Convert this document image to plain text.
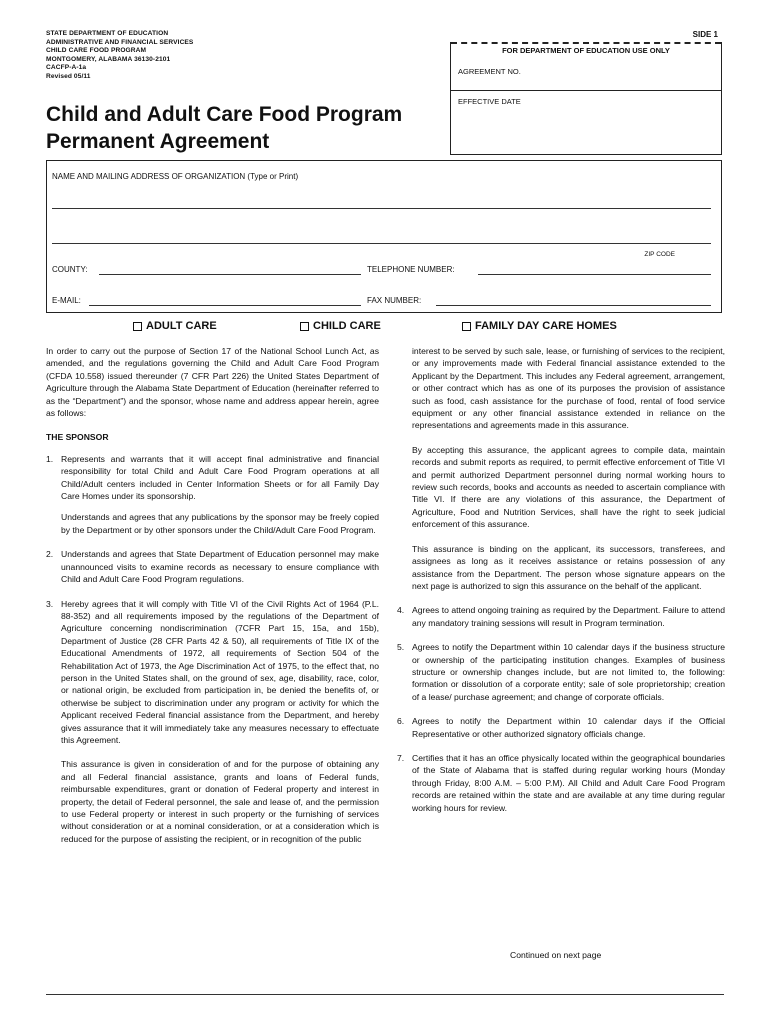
STATE DEPARTMENT OF EDUCATION
ADMINISTRATIVE AND FINANCIAL SERVICES
CHILD CARE FOOD PROGRAM
MONTGOMERY, ALABAMA 36130-2101
CACFP-A-1a
Revised 05/11
SIDE 1
Child and Adult Care Food Program
Permanent Agreement
FOR DEPARTMENT OF EDUCATION USE ONLY
AGREEMENT NO.
EFFECTIVE DATE
NAME AND MAILING ADDRESS OF ORGANIZATION (Type or Print)
ZIP CODE
COUNTY:	TELEPHONE NUMBER:
E-MAIL:	FAX NUMBER:
ADULT CARE	CHILD CARE	FAMILY DAY CARE HOMES

In order to carry out the purpose of Section 17 of the National School Lunch Act, as amended, and the regulations governing the Child and Adult Care Food Program (CFDA 10.558) issued thereunder (7 CFR Part 226) the United States Department of Agriculture through the Alabama State Department of Education (hereinafter referred to as the “Department”) and the sponsor, whose name and address appear herein, agree as follows:

THE SPONSOR

1. Represents and warrants that it will accept final administrative and financial responsibility for total Child and Adult Care Food Program operations at all Child/Adult centers included in Center Information Sheets or for all Family Day Care Homes under its sponsorship.

Understands and agrees that any publications by the sponsor may be freely copied by the Department or by other sponsors under the Child/Adult Care Food Program.

2. Understands and agrees that State Department of Education personnel may make unannounced visits to examine records as necessary to ensure compliance with Child and Adult Care Food Program regulations.
3. Hereby agrees that it will comply with Title VI of the Civil Rights Act of 1964 (P.L. 88-352) and all requirements imposed by the regulations of the Department of Agriculture concerning nondiscrimination (7CFR Part 15, 15a, and 15b), Department of Justice (28 CFR Parts 42 & 50), all requirements of Title IX of the Educational Amendments of 1972, all requirements of Section 504 of the Rehabilitation Act of 1973, the Age Discrimination Act of 1975, to the effect that, no person in the United States shall, on the ground of sex, age, disability, race, color, or national origin, be excluded from participation in, be denied the benefits of, or otherwise be subject to discrimination under any program or activity for which the Applicant received Federal financial assistance from the Department, and hereby gives assurance that it will immediately take any measures necessary to effectuate this Agreement.

This assurance is given in consideration of and for the purpose of obtaining any and all Federal financial assistance, grants and loans of Federal funds, reimbursable expenditures, grant or donation of Federal property and interest in property, the detail of Federal personnel, the sale and lease of, and the permission to use Federal property or interest in such property or the furnishing of services without consideration or at a nominal consideration, or at a consideration which is reduced for the purpose of assisting the recipient, or in recognition of the public

interest to be served by such sale, lease, or furnishing of services to the recipient, or any improvements made with Federal financial assistance extended to the Applicant by the Department. This includes any Federal agreement, arrangement, or other contract which has as one of its purposes the provision of assistance such as food, cash assistance for the purchase of food, rental of food service equipment or any other financial assistance extended in reliance on the representations and agreements made in this assurance.

By accepting this assurance, the applicant agrees to compile data, maintain records and submit reports as required, to permit effective enforcement of Title VI and permit authorized Department personnel during normal working hours to review such records, books and accounts as needed to ascertain compliance with Title VI. If there are any violations of this assurance, the Department of Agriculture, Food and Nutrition Services, shall have the right to seek judicial enforcement of this assurance.

This assurance is binding on the applicant, its successors, transferees, and assignees as long as it receives assistance or retains possession of any assistance from the Department. The person whose signature appears on the next page is authorized to sign this assurance on the behalf of the applicant.

4. Agrees to attend ongoing training as required by the Department. Failure to attend any mandatory training sessions will result in Program termination.
5. Agrees to notify the Department within 10 calendar days if the business structure or ownership of the participating institution changes. Examples of business structure or ownership changes include, but are not limited to, the following: formation or dissolution of a corporate entity; sale of sole proprietorship; creation of a lease/ purchase agreement; and change of corporate officials.
6. Agrees to notify the Department within 10 calendar days if the Official Representative or other authorized signatory officials change.
7. Certifies that it has an office physically located within the geographical boundaries of the State of Alabama that is staffed during regular working hours (Monday through Friday, 8:00 A.M. – 5:00 P.M). All Child and Adult Care Food Program records are retained within the state and are available at any time during regular working hours for review.
Continued on next page
